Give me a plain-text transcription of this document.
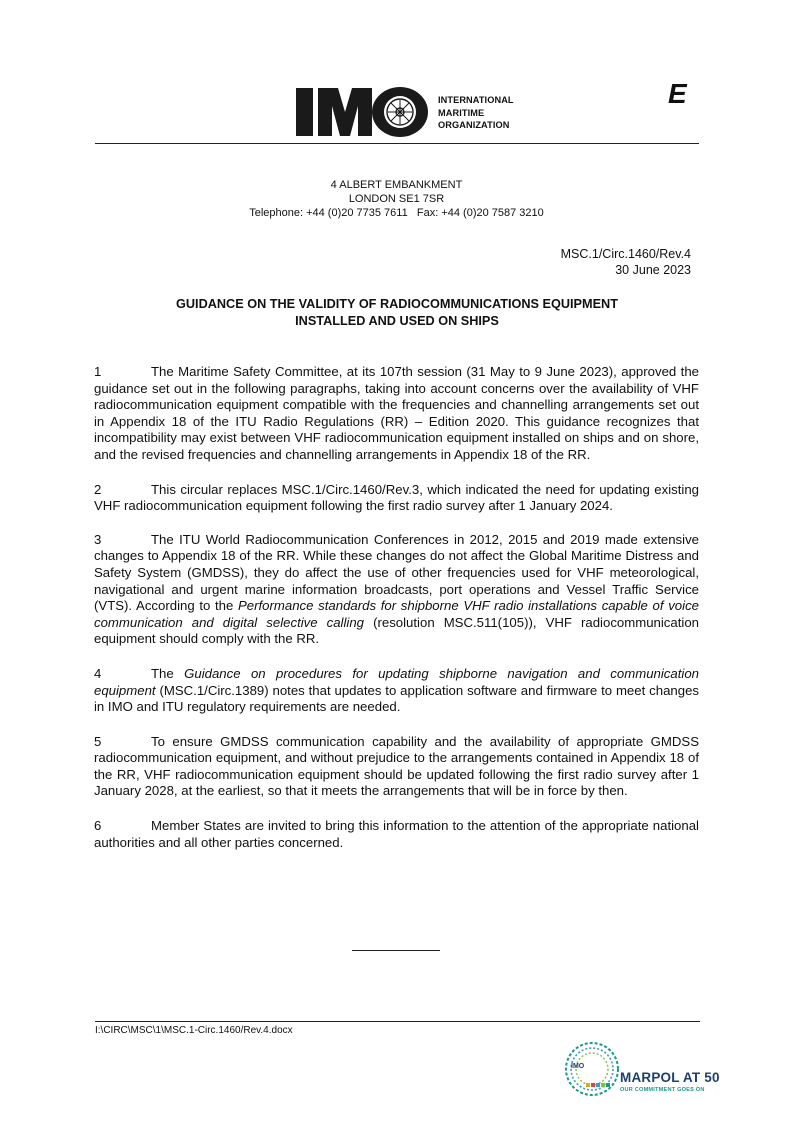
INTERNATIONAL
MARITIME
ORGANIZATION
E
4 ALBERT EMBANKMENT
LONDON SE1 7SR
Telephone: +44 (0)20 7735 7611   Fax: +44 (0)20 7587 3210
MSC.1/Circ.1460/Rev.4
30 June 2023
GUIDANCE ON THE VALIDITY OF RADIOCOMMUNICATIONS EQUIPMENT
INSTALLED AND USED ON SHIPS

1	The Maritime Safety Committee, at its 107th session (31 May to 9 June 2023), approved the guidance set out in the following paragraphs, taking into account concerns over the availability of VHF radiocommunication equipment compatible with the frequencies and channelling arrangements set out in Appendix 18 of the ITU Radio Regulations (RR) – Edition 2020. This guidance recognizes that incompatibility may exist between VHF radiocommunication equipment installed on ships and on shore, and the revised frequencies and channelling arrangements in Appendix 18 of the RR.

2	This circular replaces MSC.1/Circ.1460/Rev.3, which indicated the need for updating existing VHF radiocommunication equipment following the first radio survey after 1 January 2024.

3	The ITU World Radiocommunication Conferences in 2012, 2015 and 2019 made extensive changes to Appendix 18 of the RR. While these changes do not affect the Global Maritime Distress and Safety System (GMDSS), they do affect the use of other frequencies used for VHF meteorological, navigational and urgent marine information broadcasts, port operations and Vessel Traffic Service (VTS). According to the Performance standards for shipborne VHF radio installations capable of voice communication and digital selective calling (resolution MSC.511(105)), VHF radiocommunication equipment should comply with the RR.

4	The Guidance on procedures for updating shipborne navigation and communication equipment (MSC.1/Circ.1389) notes that updates to application software and firmware to meet changes in IMO and ITU regulatory requirements are needed.

5	To ensure GMDSS communication capability and the availability of appropriate GMDSS radiocommunication equipment, and without prejudice to the arrangements contained in Appendix 18 of the RR, VHF radiocommunication equipment should be updated following the first radio survey after 1 January 2028, at the earliest, so that it meets the arrangements that will be in force by then.

6	Member States are invited to bring this information to the attention of the appropriate national authorities and all other parties concerned.

I:\CIRC\MSC\1\MSC.1-Circ.1460/Rev.4.docx
IMO
MARPOL AT 50
OUR COMMITMENT GOES ON
